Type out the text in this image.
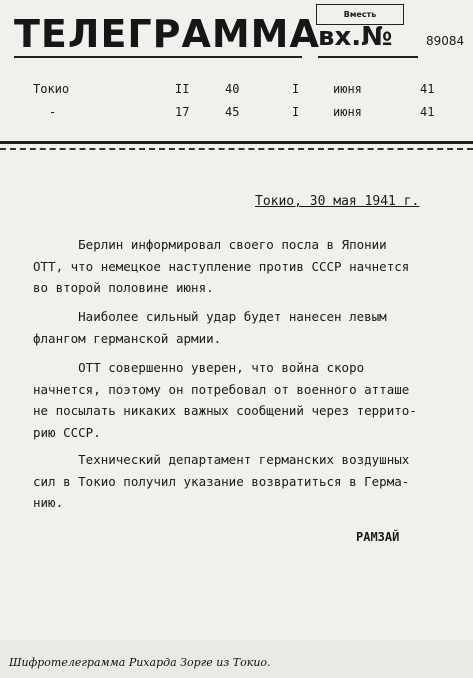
ТЕЛЕГРАММА	Вместь
вх.№	89084
Токио	II	40	I	июня	41
-	17	45	I	июня	41
Токио, 30 мая 1941 г.
Берлин информировал своего посла в Японии
ОТТ, что немецкое наступление против СССР начнется
во второй половине июня.
Наиболее сильный удар будет нанесен левым
флангом германской армии.
ОТТ совершенно уверен, что война скоро
начнется, поэтому он потребовал от военного атташе
не посылать никаких важных сообщений через террито-
рию СССР.
Технический департамент германских воздушных
сил в Токио получил указание возвратиться в Герма-
нию.
РАМЗАЙ
Шифротелеграмма Рихарда Зорге из Токио.
